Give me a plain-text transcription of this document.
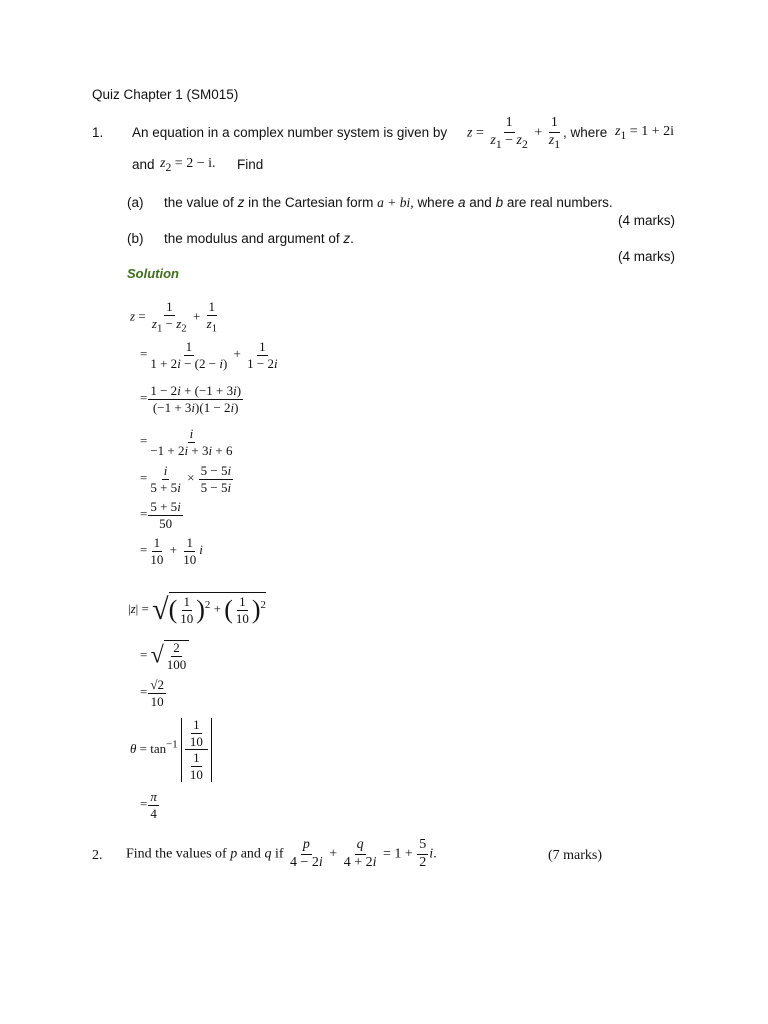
Quiz Chapter 1 (SM015)
1. An equation in a complex number system is given by $z = \frac{1}{z_1 - z_2} + \frac{1}{z_1}$ , where $z_1 = 1 + 2i$
and $z_2 = 2 - i$. Find
(a) the value of z in the Cartesian form a + bi, where a and b are real numbers.
(4 marks)
(b) the modulus and argument of z.
(4 marks)
Solution
$z = \frac{1}{z_1 - z_2} + \frac{1}{z_1}$
= $\frac{1}{1 + 2i - (2 - i)} + \frac{1}{1 - 2i}$
= $\frac{1 - 2i + (-1 + 3i)}{(-1 + 3i)(1 - 2i)}$
= $\frac{i}{-1 + 2i + 3i + 6}$
= $\frac{i}{5 + 5i} \times \frac{5 - 5i}{5 - 5i}$
= $\frac{5 + 5i}{50}$
= $\frac{1}{10} + \frac{1}{10}$ i
|z| = √( $\frac{1}{10} )^2$ + ( $\frac{1}{10} )^2$
= √ $\frac{2}{100}$
= $\frac{√2}{10}$
$\theta = \tan^{-1} \frac{\frac{1}{10}}{\frac{1}{10}}$
= $\frac{\pi}{4}$
2. Find the values of p and q if $\frac{p}{4 - 2i} + \frac{q}{4 + 2i} = 1 + \frac{5}{2} i$.	(7 marks)
